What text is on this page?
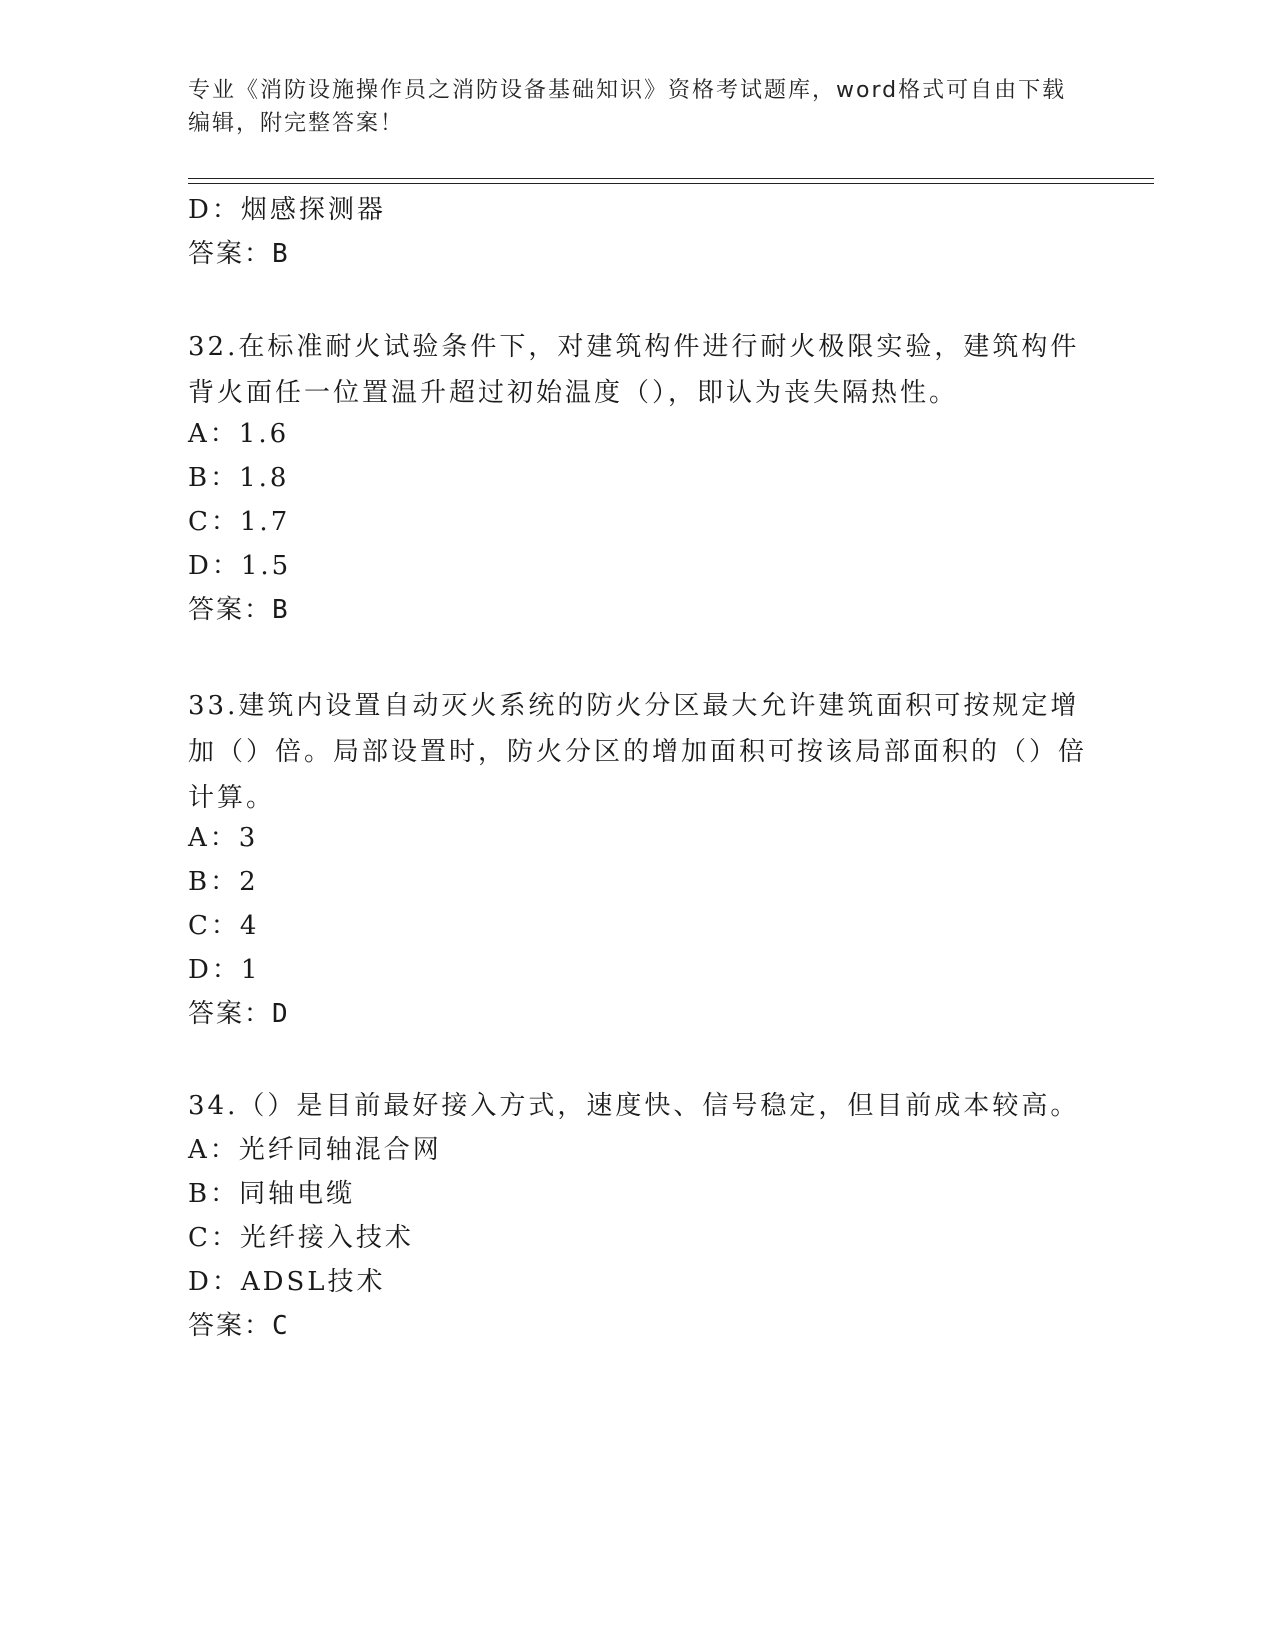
专业《消防设施操作员之消防设备基础知识》资格考试题库，word格式可自由下载编辑，附完整答案！
D：烟感探测器
答案：B
32.在标准耐火试验条件下，对建筑构件进行耐火极限实验，建筑构件背火面任一位置温升超过初始温度（），即认为丧失隔热性。
A：1.6
B：1.8
C：1.7
D：1.5
答案：B
33.建筑内设置自动灭火系统的防火分区最大允许建筑面积可按规定增加（）倍。局部设置时，防火分区的增加面积可按该局部面积的（）倍计算。
A：3
B：2
C：4
D：1
答案：D
34.（）是目前最好接入方式，速度快、信号稳定，但目前成本较高。
A：光纤同轴混合网
B：同轴电缆
C：光纤接入技术
D：ADSL技术
答案：C
